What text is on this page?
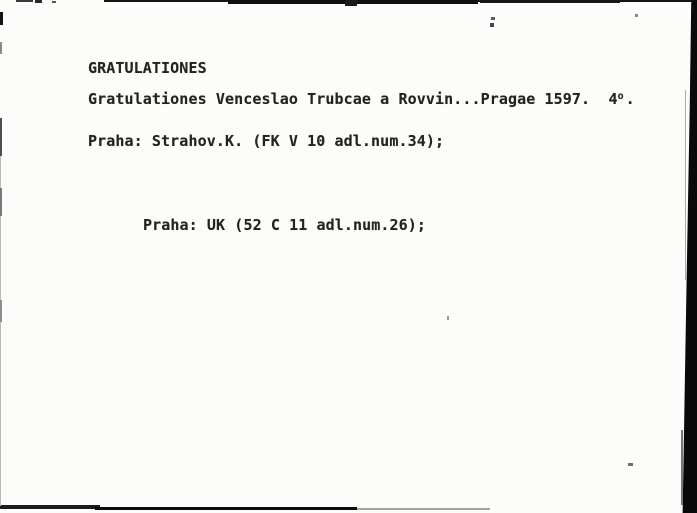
GRATULATIONES
Gratulationes Venceslao Trubcae a Rovvin...Pragae 1597.  4$^o$ .
Praha: Strahov.K. (FK V 10 adl.num.34);
Praha: UK (52 C 11 adl.num.26);
